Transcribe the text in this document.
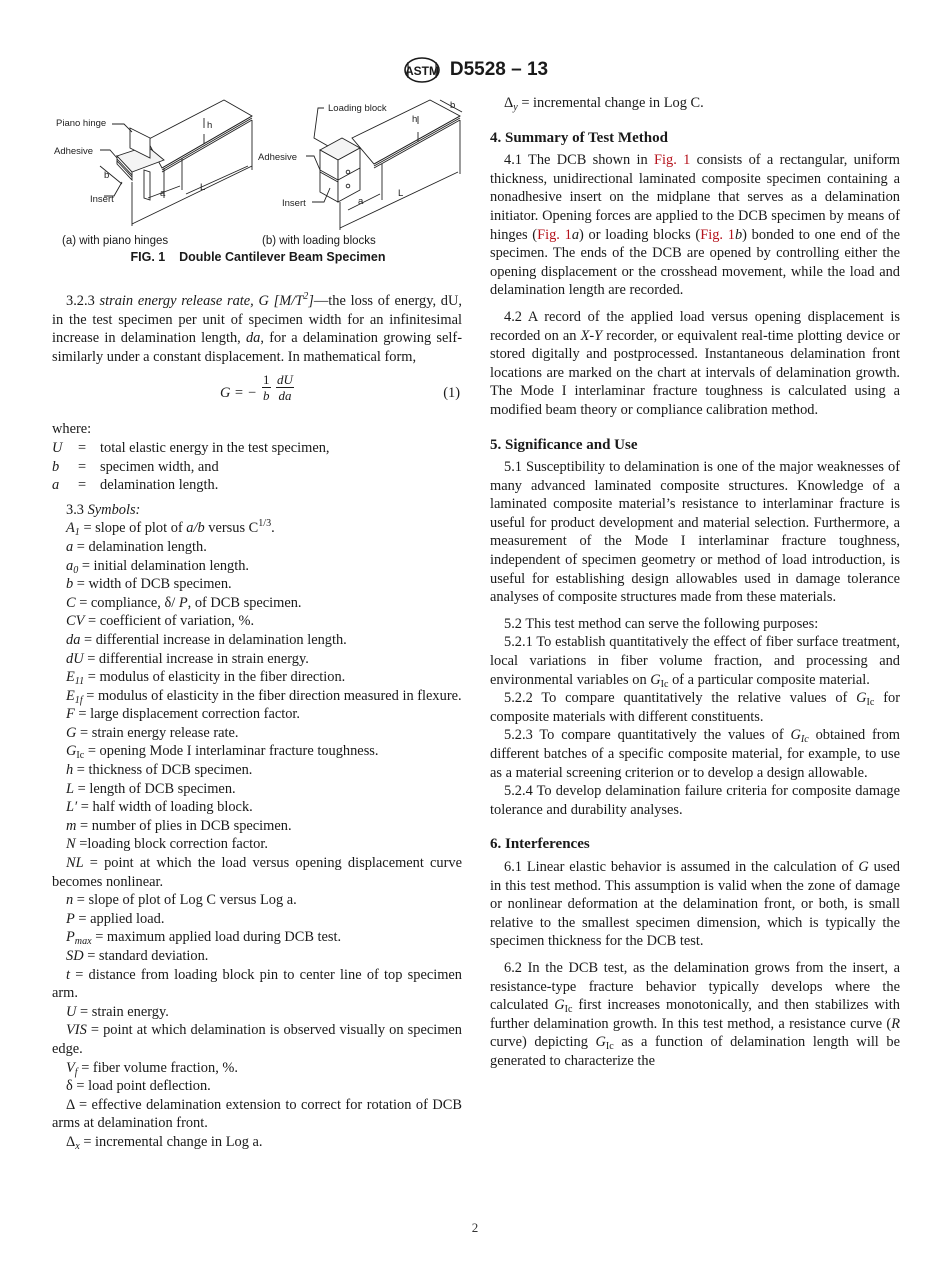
ASTM D5528 – 13
Piano hinge
Adhesive
Insert
b
h
a
L
Loading block
Adhesive
Insert
b
h
a
L
(a) with piano hinges	(b) with loading blocks
FIG. 1    Double Cantilever Beam Specimen

3.2.3 strain energy release rate, G $[M/T^2]—the$ loss of energy, dU, in the test specimen per unit of specimen width for an infinitesimal increase in delamination length, da, for a delamination growing self-similarly under a constant displacement. In mathematical form,

G = − $\frac{1}{b} \frac{dU}{da}$	(1)

where:

U	= total elastic energy in the test specimen,
b	= specimen width, and
a	= delamination length.

3.3 Symbols:

$A_1$ = slope of plot of a/b versus $C^{1/3}$.

a = delamination length.

$a_0$ = initial delamination length.

b = width of DCB specimen.

C = compliance, δ/ P, of DCB specimen.

CV = coefficient of variation, %.

da = differential increase in delamination length.

dU = differential increase in strain energy.

$E_{11}$ = modulus of elasticity in the fiber direction.

$E_{1f}$ = modulus of elasticity in the fiber direction measured in flexure.

F = large displacement correction factor.

G = strain energy release rate.

$G_{Ic}$ = opening Mode I interlaminar fracture toughness.

h = thickness of DCB specimen.

L = length of DCB specimen.

L′ = half width of loading block.

m = number of plies in DCB specimen.

N =loading block correction factor.

NL = point at which the load versus opening displacement curve becomes nonlinear.

n = slope of plot of Log C versus Log a.

P = applied load.

$P_{max}$ = maximum applied load during DCB test.

SD = standard deviation.

t = distance from loading block pin to center line of top specimen arm.

U = strain energy.

VIS = point at which delamination is observed visually on specimen edge.

$V_f$ = fiber volume fraction, %.

δ = load point deflection.

Δ = effective delamination extension to correct for rotation of DCB arms at delamination front.

$\Delta_x$ = incremental change in Log a.

$\Delta_y$ = incremental change in Log C.

4. Summary of Test Method

4.1 The DCB shown in Fig. 1 consists of a rectangular, uniform thickness, unidirectional laminated composite specimen containing a nonadhesive insert on the midplane that serves as a delamination initiator. Opening forces are applied to the DCB specimen by means of hinges (Fig. 1a) or loading blocks (Fig. 1b) bonded to one end of the specimen. The ends of the DCB are opened by controlling either the opening displacement or the crosshead movement, while the load and delamination length are recorded.

4.2 A record of the applied load versus opening displacement is recorded on an X-Y recorder, or equivalent real-time plotting device or stored digitally and postprocessed. Instantaneous delamination front locations are marked on the chart at intervals of delamination growth. The Mode I interlaminar fracture toughness is calculated using a modified beam theory or compliance calibration method.

5. Significance and Use

5.1 Susceptibility to delamination is one of the major weaknesses of many advanced laminated composite structures. Knowledge of a laminated composite material’s resistance to interlaminar fracture is useful for product development and material selection. Furthermore, a measurement of the Mode I interlaminar fracture toughness, independent of specimen geometry or method of load introduction, is useful for establishing design allowables used in damage tolerance analyses of composite structures made from these materials.

5.2 This test method can serve the following purposes:

5.2.1 To establish quantitatively the effect of fiber surface treatment, local variations in fiber volume fraction, and processing and environmental variables on $G_{Ic}$ of a particular composite material.

5.2.2 To compare quantitatively the relative values of $G_{Ic}$ for composite materials with different constituents.

5.2.3 To compare quantitatively the values of $G_{Ic}$ obtained from different batches of a specific composite material, for example, to use as a material screening criterion or to develop a design allowable.

5.2.4 To develop delamination failure criteria for composite damage tolerance and durability analyses.

6. Interferences

6.1 Linear elastic behavior is assumed in the calculation of G used in this test method. This assumption is valid when the zone of damage or nonlinear deformation at the delamination front, or both, is small relative to the smallest specimen dimension, which is typically the specimen thickness for the DCB test.

6.2 In the DCB test, as the delamination grows from the insert, a resistance-type fracture behavior typically develops where the calculated $G_{Ic}$ first increases monotonically, and then stabilizes with further delamination growth. In this test method, a resistance curve (R curve) depicting $G_{Ic}$ as a function of delamination length will be generated to characterize the

2
